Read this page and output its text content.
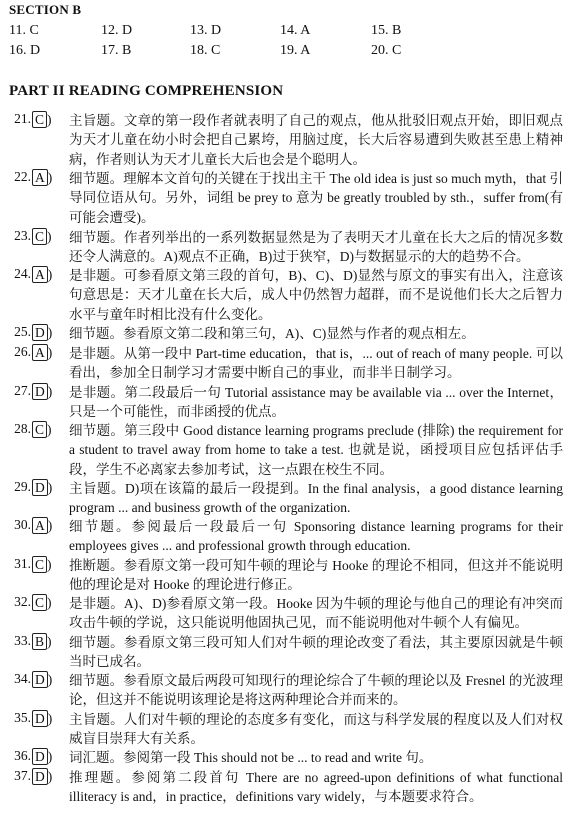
SECTION B
11. C	12. D	13. D	14. A	15. B
16. D	17. B	18. C	19. A	20. C
PART II READING COMPREHENSION
21. C ) 主旨题。文章的第一段作者就表明了自己的观点，他从批驳旧观点开始，即旧观点为天才儿童在幼小时会把自己累垮，用脑过度，长大后容易遭到失败甚至患上精神病，作者则认为天才儿童长大后也会是个聪明人。
22. A ) 细节题。理解本文首句的关键在于找出主干 The old idea is just so much myth，that 引导同位语从句。另外，词组 be prey to 意为 be greatly troubled by sth.，suffer from(有可能会遭受)。
23. C ) 细节题。作者列举出的一系列数据显然是为了表明天才儿童在长大之后的情况多数还令人满意的。A)观点不正确，B)过于狭窄，D)与数据显示的大的趋势不合。
24. A ) 是非题。可参看原文第三段的首句，B)、C)、D)显然与原文的事实有出入，注意该句意思是：天才儿童在长大后，成人中仍然智力超群，而不是说他们长大之后智力水平与童年时相比没有什么变化。
25. D ) 细节题。参看原文第二段和第三句，A)、C)显然与作者的观点相左。
26. A ) 是非题。从第一段中 Part-time education，that is，... out of reach of many people. 可以看出，参加全日制学习才需要中断自己的事业，而非半日制学习。
27. D ) 是非题。第二段最后一句 Tutorial assistance may be available via ... over the Internet，只是一个可能性，而非函授的优点。
28. C ) 细节题。第三段中 Good distance learning programs preclude (排除) the requirement for a student to travel away from home to take a test. 也就是说，函授项目应包括评估手段，学生不必离家去参加考试，这一点跟在校生不同。
29. D ) 主旨题。D)项在该篇的最后一段提到。In the final analysis，a good distance learning program ... and business growth of the organization.
30. A ) 细节题。参阅最后一段最后一句 Sponsoring distance learning programs for their employees gives ... and professional growth through education.
31. C ) 推断题。参看原文第一段可知牛顿的理论与 Hooke 的理论不相同，但这并不能说明他的理论是对 Hooke 的理论进行修正。
32. C ) 是非题。A)、D)参看原文第一段。Hooke 因为牛顿的理论与他自己的理论有冲突而攻击牛顿的学说，这只能说明他固执己见，而不能说明他对牛顿个人有偏见。
33. B ) 细节题。参看原文第三段可知人们对牛顿的理论改变了看法，其主要原因就是牛顿当时已成名。
34. D ) 细节题。参看原文最后两段可知现行的理论综合了牛顿的理论以及 Fresnel 的光波理论，但这并不能说明该理论是将这两种理论合并而来的。
35. D ) 主旨题。人们对牛顿的理论的态度多有变化，而这与科学发展的程度以及人们对权威盲目崇拜大有关系。
36. D ) 词汇题。参阅第一段 This should not be ... to read and write 句。
37. D ) 推理题。参阅第二段首句 There are no agreed-upon definitions of what functional illiteracy is and，in practice，definitions vary widely，与本题要求符合。
